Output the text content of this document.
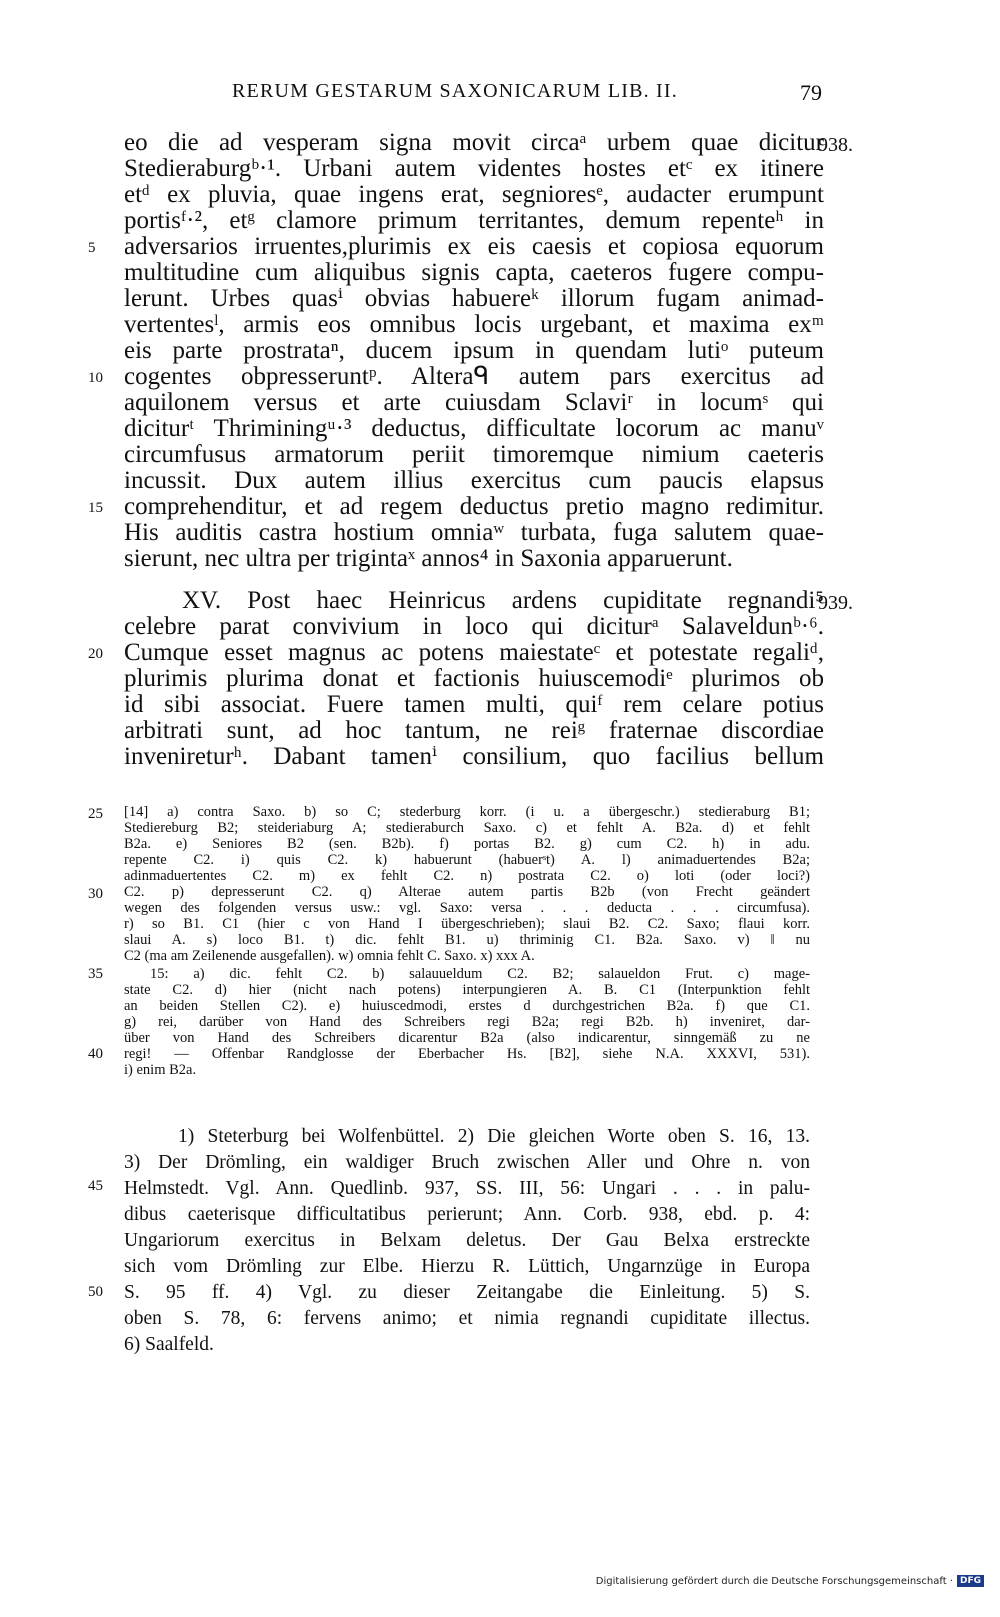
RERUM GESTARUM SAXONICARUM LIB. II.	79
eo die ad vesperam signa movit circaᵃ urbem quae dicitur
Stedieraburgᵇ·¹. Urbani autem videntes hostes etᶜ ex itinere
etᵈ ex pluvia, quae ingens erat, segnioresᵉ, audacter erumpunt
portisᶠ·², etᵍ clamore primum territantes, demum repenteʰ in
adversarios irruentes,plurimis ex eis caesis et copiosa equorum
multitudine cum aliquibus signis capta, caeteros fugere compu-
lerunt. Urbes quasⁱ obvias habuereᵏ illorum fugam animad-
vertentesˡ, armis eos omnibus locis urgebant, et maxima exᵐ
eis parte prostrataⁿ, ducem ipsum in quendam lutiᵒ puteum
cogentes obpresseruntᵖ. Alteraᑫ autem pars exercitus ad
aquilonem versus et arte cuiusdam Sclaviʳ in locumˢ qui
diciturᵗ Thriminingᵘ·³ deductus, difficultate locorum ac manuᵛ
circumfusus armatorum periit timoremque nimium caeteris
incussit. Dux autem illius exercitus cum paucis elapsus
comprehenditur, et ad regem deductus pretio magno redimitur.
His auditis castra hostium omniaʷ turbata, fuga salutem quae-
sierunt, nec ultra per trigintaˣ annos⁴ in Saxonia apparuerunt.
XV. Post haec Heinricus ardens cupiditate regnandi⁵
celebre parat convivium in loco qui diciturᵃ Salaveldunᵇ·⁶.
Cumque esset magnus ac potens maiestateᶜ et potestate regaliᵈ,
plurimis plurima donat et factionis huiuscemodiᵉ plurimos ob
id sibi associat. Fuere tamen multi, quiᶠ rem celare potius
arbitrati sunt, ad hoc tantum, ne reiᵍ fraternae discordiae
invenireturʰ. Dabant tamenⁱ consilium, quo facilius bellum
5
10
15
20
25
30
35
40
45
50
938.
939.
[14] a) contra Saxo. b) so C; stederburg korr. (i u. a übergeschr.) stedieraburg B1;
Stediereburg B2; steideriaburg A; stedieraburch Saxo. c) et fehlt A. B2a. d) et fehlt
B2a. e) Seniores B2 (sen. B2b). f) portas B2. g) cum C2. h) in adu.
repente C2. i) quis C2. k) habuerunt (habuerˢt) A. l) animaduertendes B2a;
adinmaduertentes C2. m) ex fehlt C2. n) postrata C2. o) loti (oder loci?)
C2. p) depresserunt C2. q) Alterae autem partis B2b (von Frecht geändert
wegen des folgenden versus usw.: vgl. Saxo: versa . . . deducta . . . circumfusa).
r) so B1. C1 (hier c von Hand I übergeschrieben); slaui B2. C2. Saxo; flaui korr.
slaui A. s) loco B1. t) dic. fehlt B1. u) thriminig C1. B2a. Saxo. v) ‖ nu
C2 (ma am Zeilenende ausgefallen). w) omnia fehlt C. Saxo. x) xxx A.
15: a) dic. fehlt C2. b) salauueldum C2. B2; salaueldon Frut. c) mage-
state C2. d) hier (nicht nach potens) interpungieren A. B. C1 (Interpunktion fehlt
an beiden Stellen C2). e) huiuscedmodi, erstes d durchgestrichen B2a. f) que C1.
g) rei, darüber von Hand des Schreibers regi B2a; regi B2b. h) inveniret, dar-
über von Hand des Schreibers dicarentur B2a (also indicarentur, sinngemäß zu ne
regi! — Offenbar Randglosse der Eberbacher Hs. [B2], siehe N.A. XXXVI, 531).
i) enim B2a.
1) Steterburg bei Wolfenbüttel. 2) Die gleichen Worte oben S. 16, 13.
3) Der Drömling, ein waldiger Bruch zwischen Aller und Ohre n. von
Helmstedt. Vgl. Ann. Quedlinb. 937, SS. III, 56: Ungari . . . in palu-
dibus caeterisque difficultatibus perierunt; Ann. Corb. 938, ebd. p. 4:
Ungariorum exercitus in Belxam deletus. Der Gau Belxa erstreckte
sich vom Drömling zur Elbe. Hierzu R. Lüttich, Ungarnzüge in Europa
S. 95 ff. 4) Vgl. zu dieser Zeitangabe die Einleitung. 5) S.
oben S. 78, 6: fervens animo; et nimia regnandi cupiditate illectus.
6) Saalfeld.
Digitalisierung gefördert durch die Deutsche Forschungsgemeinschaft · DFG
